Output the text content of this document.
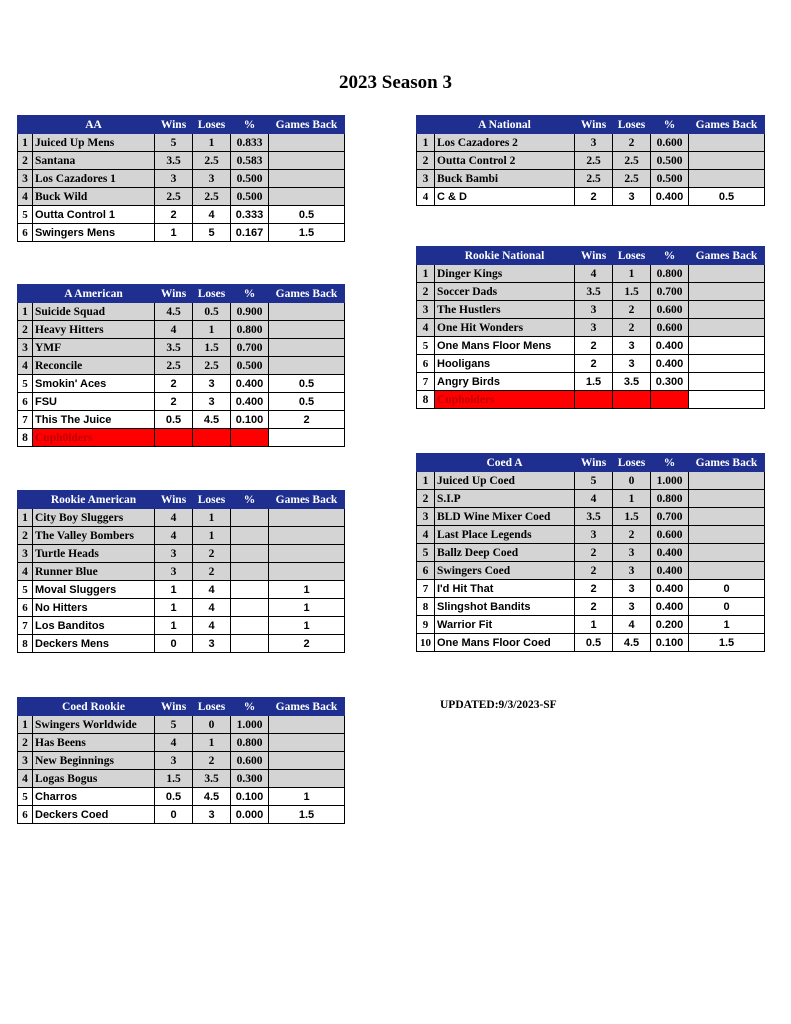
2023 Season 3
	AA	Wins	Loses	%	Games Back
1	Juiced Up Mens	5	1	0.833	
2	Santana	3.5	2.5	0.583	
3	Los Cazadores 1	3	3	0.500	
4	Buck Wild	2.5	2.5	0.500	
5	Outta Control 1	2	4	0.333	0.5
6	Swingers Mens	1	5	0.167	1.5
	A American	Wins	Loses	%	Games Back
1	Suicide Squad	4.5	0.5	0.900	
2	Heavy Hitters	4	1	0.800	
3	YMF	3.5	1.5	0.700	
4	Reconcile	2.5	2.5	0.500	
5	Smokin' Aces	2	3	0.400	0.5
6	FSU	2	3	0.400	0.5
7	This The Juice	0.5	4.5	0.100	2
8	Cuph0lders				
	Rookie American	Wins	Loses	%	Games Back
1	City Boy Sluggers	4	1		
2	The Valley Bombers	4	1		
3	Turtle Heads	3	2		
4	Runner Blue	3	2		
5	Moval Sluggers	1	4		1
6	No Hitters	1	4		1
7	Los Banditos	1	4		1
8	Deckers Mens	0	3		2
	Coed Rookie	Wins	Loses	%	Games Back
1	Swingers Worldwide	5	0	1.000	
2	Has Beens	4	1	0.800	
3	New Beginnings	3	2	0.600	
4	Logas Bogus	1.5	3.5	0.300	
5	Charros	0.5	4.5	0.100	1
6	Deckers Coed	0	3	0.000	1.5
	A National	Wins	Loses	%	Games Back
1	Los Cazadores 2	3	2	0.600	
2	Outta Control 2	2.5	2.5	0.500	
3	Buck Bambi	2.5	2.5	0.500	
4	C & D	2	3	0.400	0.5
	Rookie National	Wins	Loses	%	Games Back
1	Dinger Kings	4	1	0.800	
2	Soccer Dads	3.5	1.5	0.700	
3	The Hustlers	3	2	0.600	
4	One Hit Wonders	3	2	0.600	
5	One Mans Floor Mens	2	3	0.400	
6	Hooligans	2	3	0.400	
7	Angry Birds	1.5	3.5	0.300	
8	Cupholders				
	Coed A	Wins	Loses	%	Games Back
1	Juiced Up Coed	5	0	1.000	
2	S.I.P	4	1	0.800	
3	BLD Wine Mixer Coed	3.5	1.5	0.700	
4	Last Place Legends	3	2	0.600	
5	Ballz Deep Coed	2	3	0.400	
6	Swingers Coed	2	3	0.400	
7	I'd Hit That	2	3	0.400	0
8	Slingshot Bandits	2	3	0.400	0
9	Warrior Fit	1	4	0.200	1
10	One Mans Floor Coed	0.5	4.5	0.100	1.5
UPDATED:9/3/2023-SF
